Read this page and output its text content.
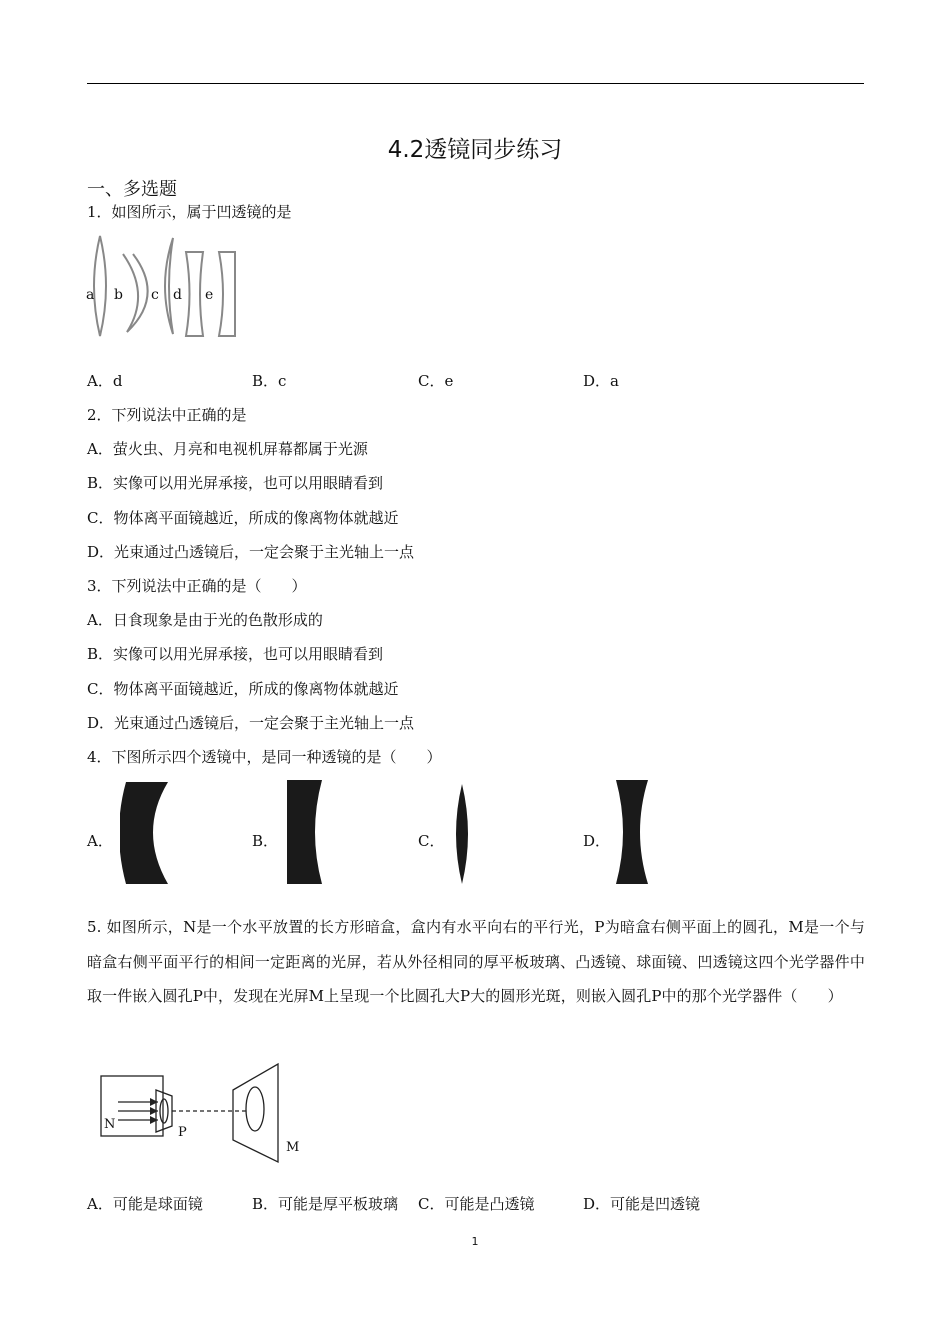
4.2透镜同步练习
一、多选题
1．如图所示，属于凹透镜的是
a b c d e
A．d	B．c	C．e	D．a
2．下列说法中正确的是
A．萤火虫、月亮和电视机屏幕都属于光源
B．实像可以用光屏承接，也可以用眼睛看到
C．物体离平面镜越近，所成的像离物体就越近
D．光束通过凸透镜后，一定会聚于主光轴上一点
3．下列说法中正确的是（　　）
A．日食现象是由于光的色散形成的
B．实像可以用光屏承接，也可以用眼睛看到
C．物体离平面镜越近，所成的像离物体就越近
D．光束通过凸透镜后，一定会聚于主光轴上一点
4．下图所示四个透镜中，是同一种透镜的是（　　）
A．	B．	C．	D．
5. 如图所示，N是一个水平放置的长方形暗盒，盒内有水平向右的平行光，P为暗盒右侧平面上的圆孔，M是一个与暗盒右侧平面平行的相间一定距离的光屏，若从外径相同的厚平板玻璃、凸透镜、球面镜、凹透镜这四个光学器件中取一件嵌入圆孔P中，发现在光屏M上呈现一个比圆孔大P大的圆形光斑，则嵌入圆孔P中的那个光学器件（　　）
N
P
M
A．可能是球面镜	B．可能是厚平板玻璃 C．可能是凸透镜	D．可能是凹透镜
1
